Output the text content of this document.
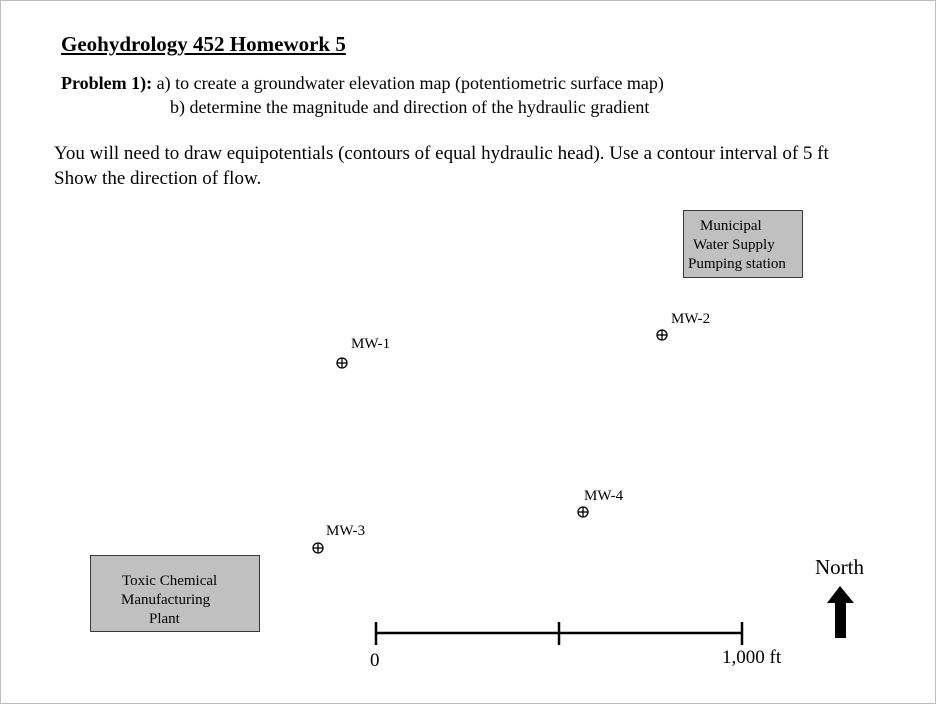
Geohydrology 452 Homework 5
Problem 1): a) to create a groundwater elevation map (potentiometric surface map)
b) determine the magnitude and direction of the hydraulic gradient
You will need to draw equipotentials (contours of equal hydraulic head). Use a contour interval of 5 ft
Show the direction of flow.
Municipal
Water Supply
Pumping station
Toxic Chemical
Manufacturing
Plant
MW-1
MW-2
MW-3
MW-4
0	1,000 ft
North
